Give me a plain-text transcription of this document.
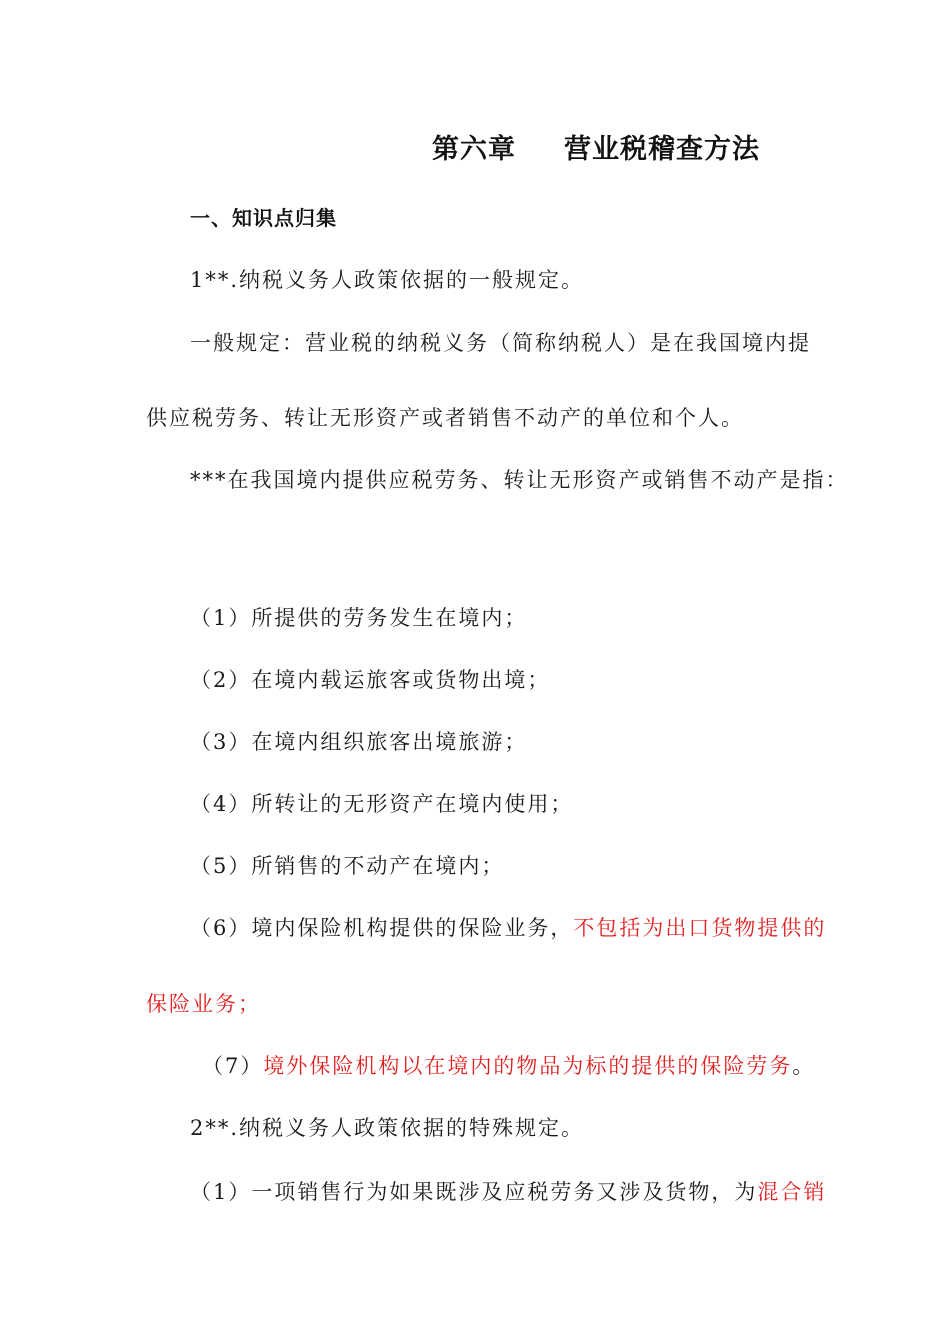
第六章 营业税稽查方法
一、知识点归集
1**.纳税义务人政策依据的一般规定。
一般规定：营业税的纳税义务（简称纳税人）是在我国境内提
供应税劳务、转让无形资产或者销售不动产的单位和个人。
***在我国境内提供应税劳务、转让无形资产或销售不动产是指：
（1）所提供的劳务发生在境内；
（2）在境内载运旅客或货物出境；
（3）在境内组织旅客出境旅游；
（4）所转让的无形资产在境内使用；
（5）所销售的不动产在境内；
（6）境内保险机构提供的保险业务，不包括为出口货物提供的
保险业务；
（7）境外保险机构以在境内的物品为标的提供的保险劳务。
2**.纳税义务人政策依据的特殊规定。
（1）一项销售行为如果既涉及应税劳务又涉及货物，为混合销
